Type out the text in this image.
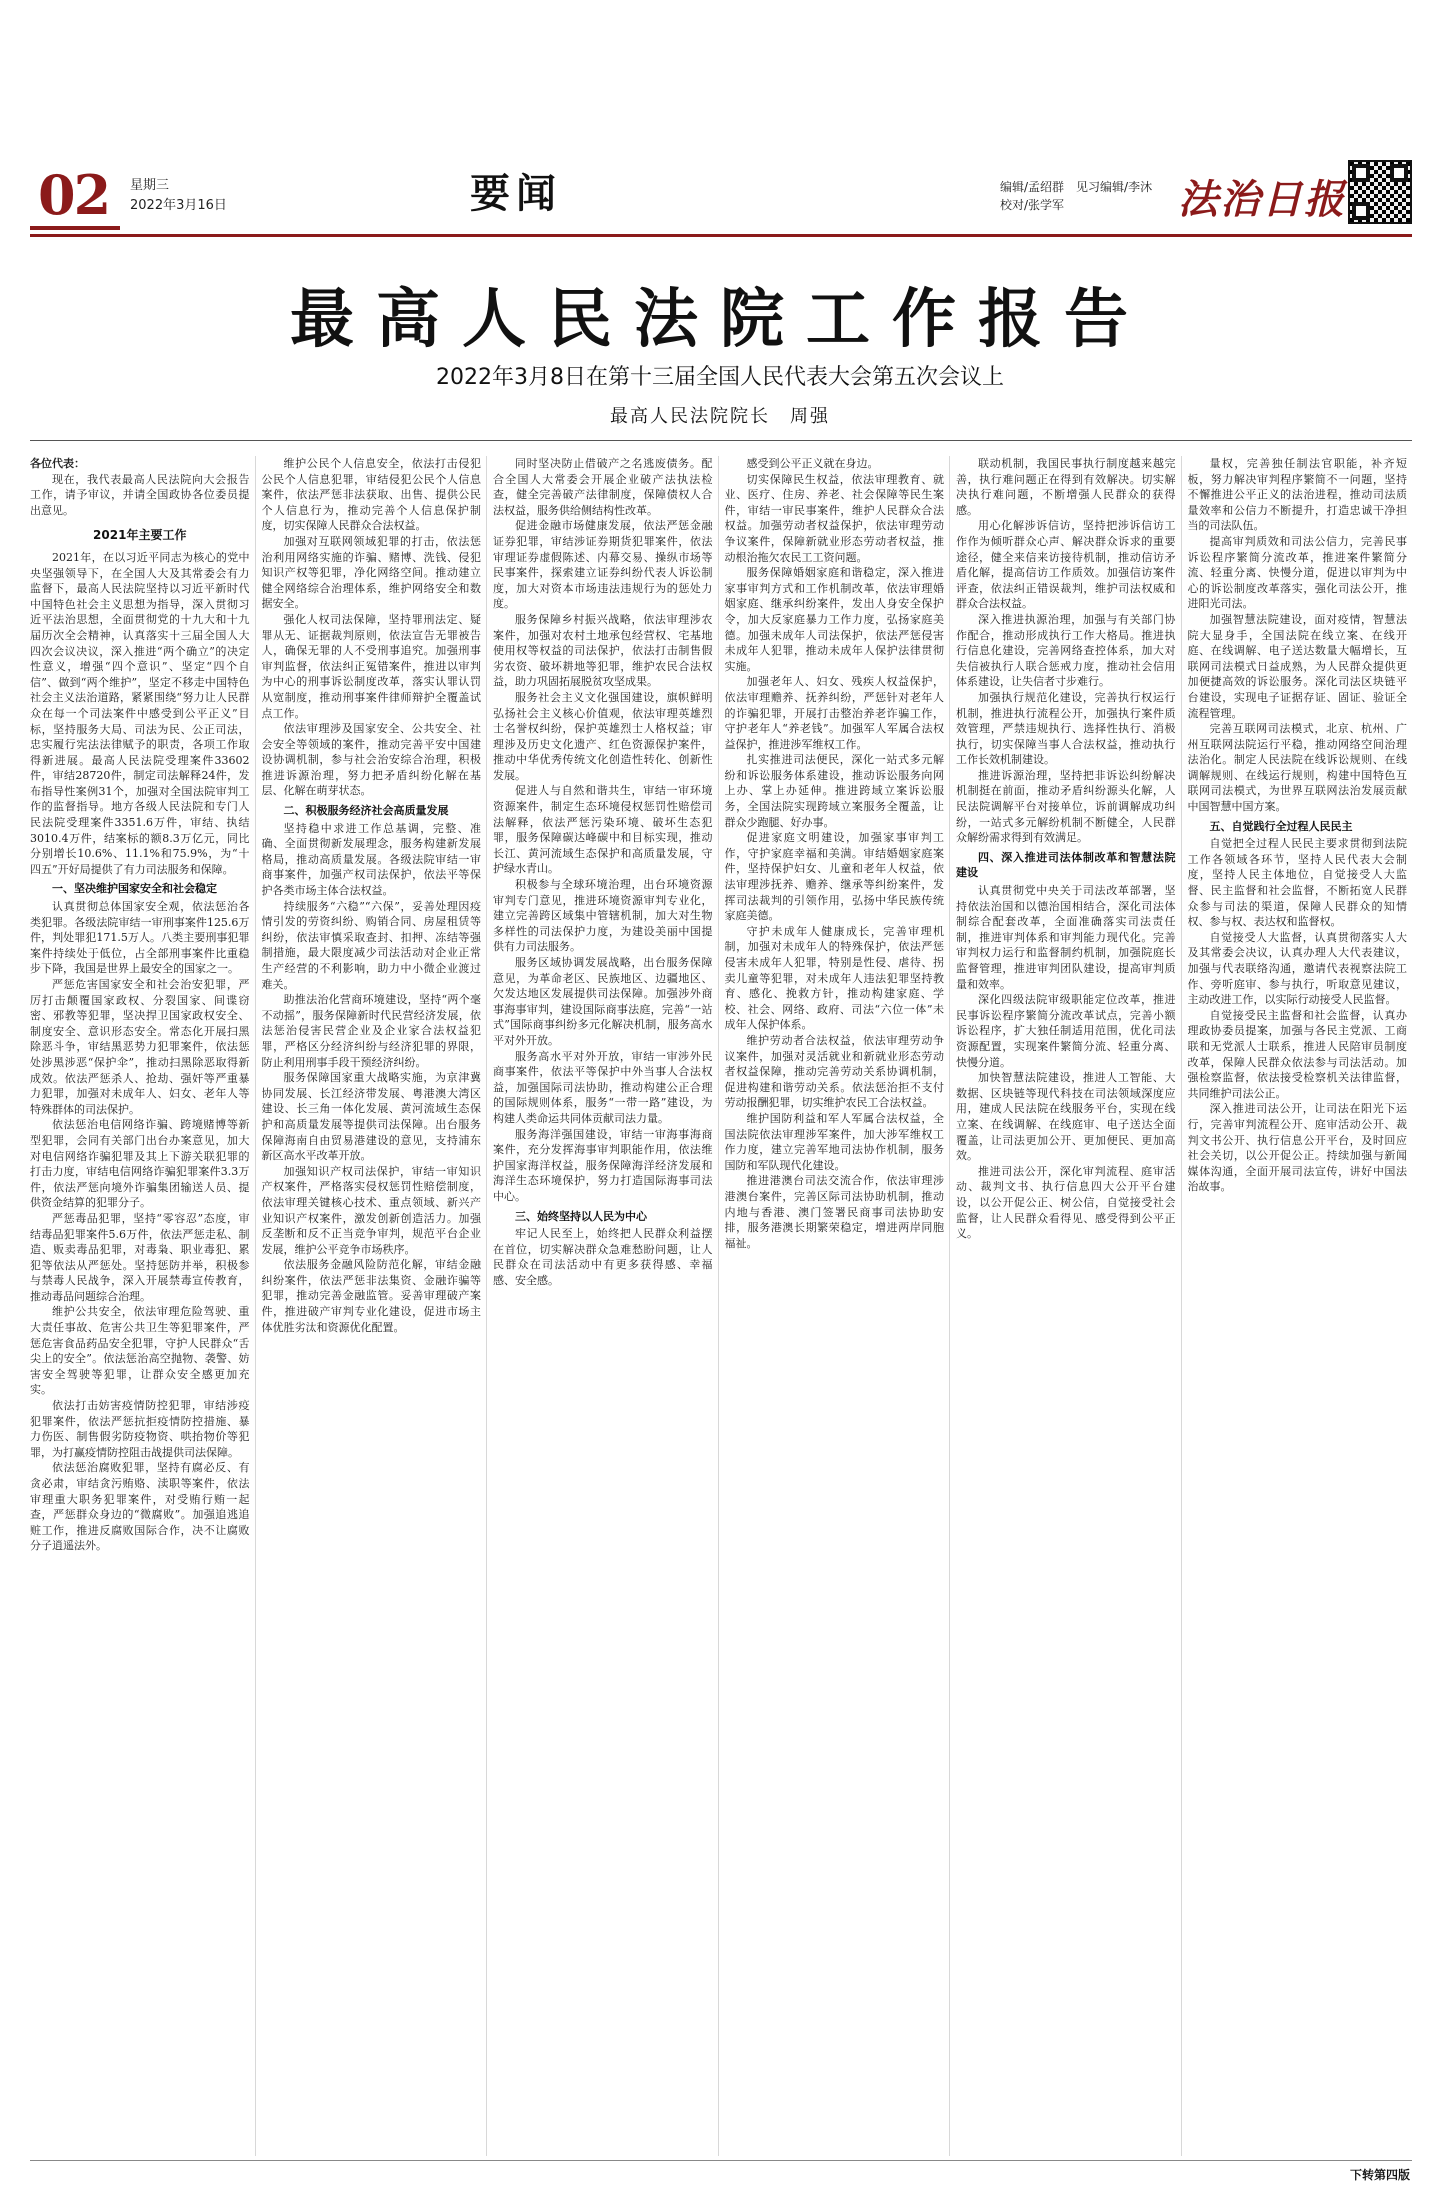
02 星期三
2022年3月16日	要闻	编辑/孟绍群　见习编辑/李沐
校对/张学军	法治日报
最高人民法院工作报告
2022年3月8日在第十三届全国人民代表大会第五次会议上
最高人民法院院长　周强

各位代表：

现在，我代表最高人民法院向大会报告工作，请予审议，并请全国政协各位委员提出意见。

2021年主要工作

2021年，在以习近平同志为核心的党中央坚强领导下，在全国人大及其常委会有力监督下，最高人民法院坚持以习近平新时代中国特色社会主义思想为指导，深入贯彻习近平法治思想，全面贯彻党的十九大和十九届历次全会精神，认真落实十三届全国人大四次会议决议，深入推进“两个确立”的决定性意义，增强“四个意识”、坚定“四个自信”、做到“两个维护”，坚定不移走中国特色社会主义法治道路，紧紧围绕“努力让人民群众在每一个司法案件中感受到公平正义”目标，坚持服务大局、司法为民、公正司法，忠实履行宪法法律赋予的职责，各项工作取得新进展。最高人民法院受理案件33602件，审结28720件，制定司法解释24件，发布指导性案例31个，加强对全国法院审判工作的监督指导。地方各级人民法院和专门人民法院受理案件3351.6万件，审结、执结3010.4万件，结案标的额8.3万亿元，同比分别增长10.6%、11.1%和75.9%，为“十四五”开好局提供了有力司法服务和保障。

一、坚决维护国家安全和社会稳定

认真贯彻总体国家安全观，依法惩治各类犯罪。各级法院审结一审刑事案件125.6万件，判处罪犯171.5万人。八类主要刑事犯罪案件持续处于低位，占全部刑事案件比重稳步下降，我国是世界上最安全的国家之一。

严惩危害国家安全和社会治安犯罪，严厉打击颠覆国家政权、分裂国家、间谍窃密、邪教等犯罪，坚决捍卫国家政权安全、制度安全、意识形态安全。常态化开展扫黑除恶斗争，审结黑恶势力犯罪案件，依法惩处涉黑涉恶“保护伞”，推动扫黑除恶取得新成效。依法严惩杀人、抢劫、强奸等严重暴力犯罪，加强对未成年人、妇女、老年人等特殊群体的司法保护。

依法惩治电信网络诈骗、跨境赌博等新型犯罪，会同有关部门出台办案意见，加大对电信网络诈骗犯罪及其上下游关联犯罪的打击力度，审结电信网络诈骗犯罪案件3.3万件，依法严惩向境外诈骗集团输送人员、提供资金结算的犯罪分子。

严惩毒品犯罪，坚持“零容忍”态度，审结毒品犯罪案件5.6万件，依法严惩走私、制造、贩卖毒品犯罪，对毒枭、职业毒犯、累犯等依法从严惩处。坚持惩防并举，积极参与禁毒人民战争，深入开展禁毒宣传教育，推动毒品问题综合治理。

维护公共安全，依法审理危险驾驶、重大责任事故、危害公共卫生等犯罪案件，严惩危害食品药品安全犯罪，守护人民群众“舌尖上的安全”。依法惩治高空抛物、袭警、妨害安全驾驶等犯罪，让群众安全感更加充实。

依法打击妨害疫情防控犯罪，审结涉疫犯罪案件，依法严惩抗拒疫情防控措施、暴力伤医、制售假劣防疫物资、哄抬物价等犯罪，为打赢疫情防控阻击战提供司法保障。

依法惩治腐败犯罪，坚持有腐必反、有贪必肃，审结贪污贿赂、渎职等案件，依法审理重大职务犯罪案件，对受贿行贿一起查，严惩群众身边的“微腐败”。加强追逃追赃工作，推进反腐败国际合作，决不让腐败分子逍遥法外。

维护公民个人信息安全，依法打击侵犯公民个人信息犯罪，审结侵犯公民个人信息案件，依法严惩非法获取、出售、提供公民个人信息行为，推动完善个人信息保护制度，切实保障人民群众合法权益。

加强对互联网领域犯罪的打击，依法惩治利用网络实施的诈骗、赌博、洗钱、侵犯知识产权等犯罪，净化网络空间。推动建立健全网络综合治理体系，维护网络安全和数据安全。

强化人权司法保障，坚持罪刑法定、疑罪从无、证据裁判原则，依法宣告无罪被告人，确保无罪的人不受刑事追究。加强刑事审判监督，依法纠正冤错案件，推进以审判为中心的刑事诉讼制度改革，落实认罪认罚从宽制度，推动刑事案件律师辩护全覆盖试点工作。

依法审理涉及国家安全、公共安全、社会安全等领域的案件，推动完善平安中国建设协调机制，参与社会治安综合治理，积极推进诉源治理，努力把矛盾纠纷化解在基层、化解在萌芽状态。

二、积极服务经济社会高质量发展

坚持稳中求进工作总基调，完整、准确、全面贯彻新发展理念，服务构建新发展格局，推动高质量发展。各级法院审结一审商事案件，加强产权司法保护，依法平等保护各类市场主体合法权益。

持续服务“六稳”“六保”，妥善处理因疫情引发的劳资纠纷、购销合同、房屋租赁等纠纷，依法审慎采取查封、扣押、冻结等强制措施，最大限度减少司法活动对企业正常生产经营的不利影响，助力中小微企业渡过难关。

助推法治化营商环境建设，坚持“两个毫不动摇”，服务保障新时代民营经济发展，依法惩治侵害民营企业及企业家合法权益犯罪，严格区分经济纠纷与经济犯罪的界限，防止利用刑事手段干预经济纠纷。

服务保障国家重大战略实施，为京津冀协同发展、长江经济带发展、粤港澳大湾区建设、长三角一体化发展、黄河流域生态保护和高质量发展等提供司法保障。出台服务保障海南自由贸易港建设的意见，支持浦东新区高水平改革开放。

加强知识产权司法保护，审结一审知识产权案件，严格落实侵权惩罚性赔偿制度，依法审理关键核心技术、重点领域、新兴产业知识产权案件，激发创新创造活力。加强反垄断和反不正当竞争审判，规范平台企业发展，维护公平竞争市场秩序。

依法服务金融风险防范化解，审结金融纠纷案件，依法严惩非法集资、金融诈骗等犯罪，推动完善金融监管。妥善审理破产案件，推进破产审判专业化建设，促进市场主体优胜劣汰和资源优化配置。

同时坚决防止借破产之名逃废债务。配合全国人大常委会开展企业破产法执法检查，健全完善破产法律制度，保障债权人合法权益，服务供给侧结构性改革。

促进金融市场健康发展，依法严惩金融证券犯罪，审结涉证券期货犯罪案件，依法审理证券虚假陈述、内幕交易、操纵市场等民事案件，探索建立证券纠纷代表人诉讼制度，加大对资本市场违法违规行为的惩处力度。

服务保障乡村振兴战略，依法审理涉农案件，加强对农村土地承包经营权、宅基地使用权等权益的司法保护，依法打击制售假劣农资、破坏耕地等犯罪，维护农民合法权益，助力巩固拓展脱贫攻坚成果。

服务社会主义文化强国建设，旗帜鲜明弘扬社会主义核心价值观，依法审理英雄烈士名誉权纠纷，保护英雄烈士人格权益；审理涉及历史文化遗产、红色资源保护案件，推动中华优秀传统文化创造性转化、创新性发展。

促进人与自然和谐共生，审结一审环境资源案件，制定生态环境侵权惩罚性赔偿司法解释，依法严惩污染环境、破坏生态犯罪，服务保障碳达峰碳中和目标实现，推动长江、黄河流域生态保护和高质量发展，守护绿水青山。

积极参与全球环境治理，出台环境资源审判专门意见，推进环境资源审判专业化，建立完善跨区域集中管辖机制，加大对生物多样性的司法保护力度，为建设美丽中国提供有力司法服务。

服务区域协调发展战略，出台服务保障意见，为革命老区、民族地区、边疆地区、欠发达地区发展提供司法保障。加强涉外商事海事审判，建设国际商事法庭，完善“一站式”国际商事纠纷多元化解决机制，服务高水平对外开放。

服务高水平对外开放，审结一审涉外民商事案件，依法平等保护中外当事人合法权益，加强国际司法协助，推动构建公正合理的国际规则体系，服务“一带一路”建设，为构建人类命运共同体贡献司法力量。

服务海洋强国建设，审结一审海事海商案件，充分发挥海事审判职能作用，依法维护国家海洋权益，服务保障海洋经济发展和海洋生态环境保护，努力打造国际海事司法中心。

三、始终坚持以人民为中心

牢记人民至上，始终把人民群众利益摆在首位，切实解决群众急难愁盼问题，让人民群众在司法活动中有更多获得感、幸福感、安全感。

感受到公平正义就在身边。

切实保障民生权益，依法审理教育、就业、医疗、住房、养老、社会保障等民生案件，审结一审民事案件，维护人民群众合法权益。加强劳动者权益保护，依法审理劳动争议案件，保障新就业形态劳动者权益，推动根治拖欠农民工工资问题。

服务保障婚姻家庭和谐稳定，深入推进家事审判方式和工作机制改革，依法审理婚姻家庭、继承纠纷案件，发出人身安全保护令，加大反家庭暴力工作力度，弘扬家庭美德。加强未成年人司法保护，依法严惩侵害未成年人犯罪，推动未成年人保护法律贯彻实施。

加强老年人、妇女、残疾人权益保护，依法审理赡养、抚养纠纷，严惩针对老年人的诈骗犯罪，开展打击整治养老诈骗工作，守护老年人“养老钱”。加强军人军属合法权益保护，推进涉军维权工作。

扎实推进司法便民，深化一站式多元解纷和诉讼服务体系建设，推动诉讼服务向网上办、掌上办延伸。推进跨域立案诉讼服务，全国法院实现跨域立案服务全覆盖，让群众少跑腿、好办事。

促进家庭文明建设，加强家事审判工作，守护家庭幸福和美满。审结婚姻家庭案件，坚持保护妇女、儿童和老年人权益，依法审理涉抚养、赡养、继承等纠纷案件，发挥司法裁判的引领作用，弘扬中华民族传统家庭美德。

守护未成年人健康成长，完善审理机制，加强对未成年人的特殊保护，依法严惩侵害未成年人犯罪，特别是性侵、虐待、拐卖儿童等犯罪，对未成年人违法犯罪坚持教育、感化、挽救方针，推动构建家庭、学校、社会、网络、政府、司法“六位一体”未成年人保护体系。

维护劳动者合法权益，依法审理劳动争议案件，加强对灵活就业和新就业形态劳动者权益保障，推动完善劳动关系协调机制，促进构建和谐劳动关系。依法惩治拒不支付劳动报酬犯罪，切实维护农民工合法权益。

维护国防利益和军人军属合法权益，全国法院依法审理涉军案件，加大涉军维权工作力度，建立完善军地司法协作机制，服务国防和军队现代化建设。

推进港澳台司法交流合作，依法审理涉港澳台案件，完善区际司法协助机制，推动内地与香港、澳门签署民商事司法协助安排，服务港澳长期繁荣稳定，增进两岸同胞福祉。

联动机制，我国民事执行制度越来越完善，执行难问题正在得到有效解决。切实解决执行难问题，不断增强人民群众的获得感。

用心化解涉诉信访，坚持把涉诉信访工作作为倾听群众心声、解决群众诉求的重要途径，健全来信来访接待机制，推动信访矛盾化解，提高信访工作质效。加强信访案件评查，依法纠正错误裁判，维护司法权威和群众合法权益。

深入推进执源治理，加强与有关部门协作配合，推动形成执行工作大格局。推进执行信息化建设，完善网络查控体系，加大对失信被执行人联合惩戒力度，推动社会信用体系建设，让失信者寸步难行。

加强执行规范化建设，完善执行权运行机制，推进执行流程公开，加强执行案件质效管理，严禁违规执行、选择性执行、消极执行，切实保障当事人合法权益，推动执行工作长效机制建设。

推进诉源治理，坚持把非诉讼纠纷解决机制挺在前面，推动矛盾纠纷源头化解，人民法院调解平台对接单位，诉前调解成功纠纷，一站式多元解纷机制不断健全，人民群众解纷需求得到有效满足。

四、深入推进司法体制改革和智慧法院建设

认真贯彻党中央关于司法改革部署，坚持依法治国和以德治国相结合，深化司法体制综合配套改革，全面准确落实司法责任制，推进审判体系和审判能力现代化。完善审判权力运行和监督制约机制，加强院庭长监督管理，推进审判团队建设，提高审判质量和效率。

深化四级法院审级职能定位改革，推进民事诉讼程序繁简分流改革试点，完善小额诉讼程序，扩大独任制适用范围，优化司法资源配置，实现案件繁简分流、轻重分离、快慢分道。

加快智慧法院建设，推进人工智能、大数据、区块链等现代科技在司法领域深度应用，建成人民法院在线服务平台，实现在线立案、在线调解、在线庭审、电子送达全面覆盖，让司法更加公开、更加便民、更加高效。

推进司法公开，深化审判流程、庭审活动、裁判文书、执行信息四大公开平台建设，以公开促公正、树公信，自觉接受社会监督，让人民群众看得见、感受得到公平正义。

量权，完善独任制法官职能，补齐短板，努力解决审判程序繁简不一问题，坚持不懈推进公平正义的法治进程，推动司法质量效率和公信力不断提升，打造忠诚干净担当的司法队伍。

提高审判质效和司法公信力，完善民事诉讼程序繁简分流改革，推进案件繁简分流、轻重分离、快慢分道，促进以审判为中心的诉讼制度改革落实，强化司法公开，推进阳光司法。

加强智慧法院建设，面对疫情，智慧法院大显身手，全国法院在线立案、在线开庭、在线调解、电子送达数量大幅增长，互联网司法模式日益成熟，为人民群众提供更加便捷高效的诉讼服务。深化司法区块链平台建设，实现电子证据存证、固证、验证全流程管理。

完善互联网司法模式，北京、杭州、广州互联网法院运行平稳，推动网络空间治理法治化。制定人民法院在线诉讼规则、在线调解规则、在线运行规则，构建中国特色互联网司法模式，为世界互联网法治发展贡献中国智慧中国方案。

五、自觉践行全过程人民民主

自觉把全过程人民民主要求贯彻到法院工作各领域各环节，坚持人民代表大会制度，坚持人民主体地位，自觉接受人大监督、民主监督和社会监督，不断拓宽人民群众参与司法的渠道，保障人民群众的知情权、参与权、表达权和监督权。

自觉接受人大监督，认真贯彻落实人大及其常委会决议，认真办理人大代表建议，加强与代表联络沟通，邀请代表视察法院工作、旁听庭审、参与执行，听取意见建议，主动改进工作，以实际行动接受人民监督。

自觉接受民主监督和社会监督，认真办理政协委员提案，加强与各民主党派、工商联和无党派人士联系，推进人民陪审员制度改革，保障人民群众依法参与司法活动。加强检察监督，依法接受检察机关法律监督，共同维护司法公正。

深入推进司法公开，让司法在阳光下运行，完善审判流程公开、庭审活动公开、裁判文书公开、执行信息公开平台，及时回应社会关切，以公开促公正。持续加强与新闻媒体沟通，全面开展司法宣传，讲好中国法治故事。

下转第四版
